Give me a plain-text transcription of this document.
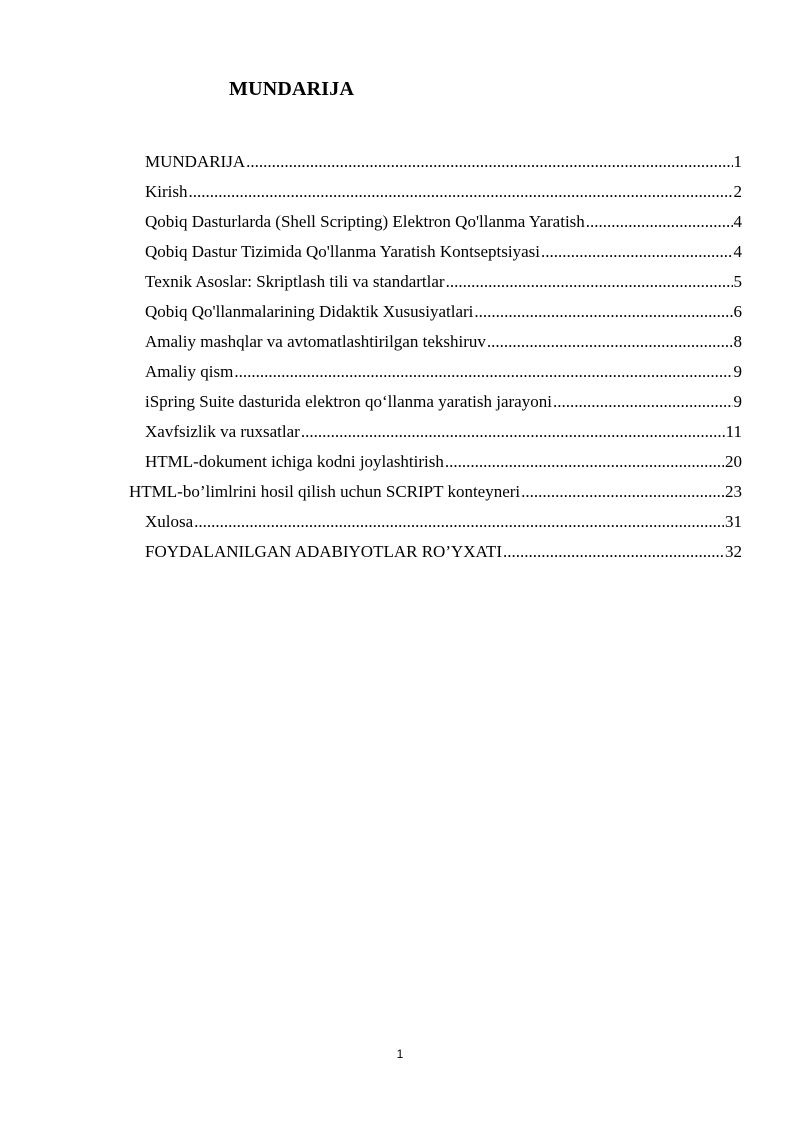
MUNDARIJA
MUNDARIJA .....	1
Kirish .....	2
Qobiq Dasturlarda (Shell Scripting) Elektron Qo'llanma Yaratish .....	4
Qobiq Dastur Tizimida Qo'llanma Yaratish Kontseptsiyasi .....	4
Texnik Asoslar: Skriptlash tili va standartlar .....	5
Qobiq Qo'llanmalarining Didaktik Xususiyatlari .....	6
Amaliy mashqlar va avtomatlashtirilgan tekshiruv .....	8
Amaliy qism .....	9
iSpring Suite dasturida elektron qo‘llanma yaratish jarayoni .....	9
Xavfsizlik va ruxsatlar .....	11
HTML-dokument ichiga kodni joylashtirish .....	20
HTML-bo’limlrini hosil qilish uchun SCRIPT konteyneri .....	23
Xulosa .....	31
FOYDALANILGAN ADABIYOTLAR RO’YXATI .....	32
1
